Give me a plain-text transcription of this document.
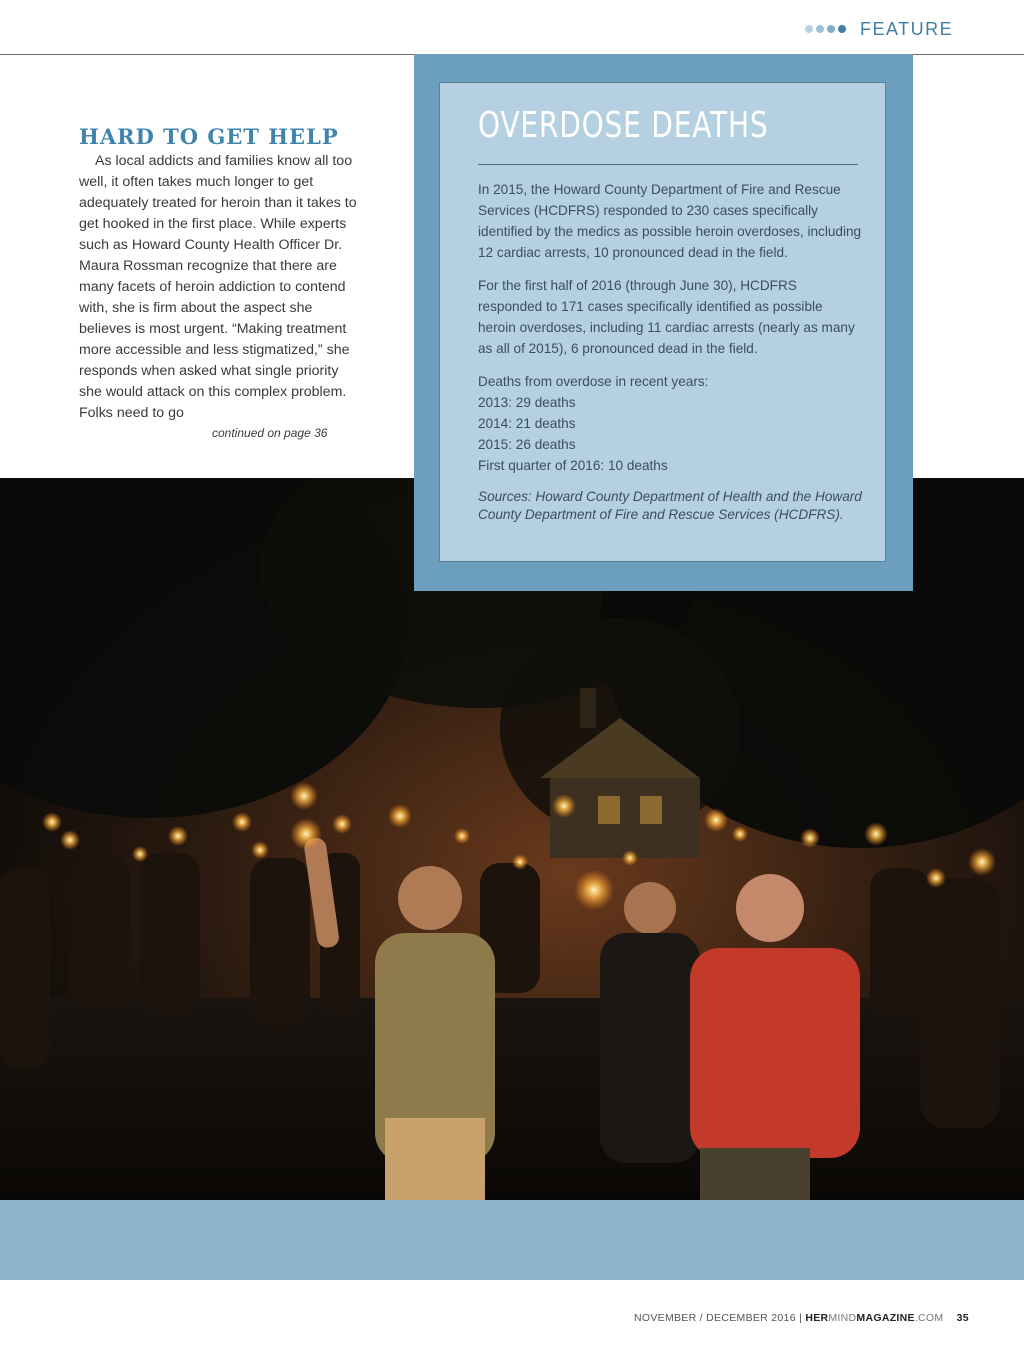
FEATURE
HARD TO GET HELP

As local addicts and families know all too well, it often takes much longer to get adequately treated for heroin than it takes to get hooked in the first place. While experts such as Howard County Health Officer Dr. Maura Rossman recognize that there are many facets of heroin addiction to contend with, she is firm about the aspect she believes is most urgent. “Making treatment more accessible and less stigmatized,” she responds when asked what single priority she would attack on this complex problem. Folks need to go

continued on page 36
OVERDOSE DEATHS

In 2015, the Howard County Department of Fire and Rescue Services (HCDFRS) responded to 230 cases specifically identified by the medics as possible heroin overdoses, including 12 cardiac arrests, 10 pronounced dead in the field.

For the first half of 2016 (through June 30), HCDFRS responded to 171 cases specifically identified as possible heroin overdoses, including 11 cardiac arrests (nearly as many as all of 2015), 6 pronounced dead in the field.

Deaths from overdose in recent years:
2013: 29 deaths
2014: 21 deaths
2015: 26 deaths
First quarter of 2016: 10 deaths
Sources: Howard County Department of Health and the Howard County Department of Fire and Rescue Services (HCDFRS).
NOVEMBER / DECEMBER 2016 | HERMINDMAGAZINE.COM 35
